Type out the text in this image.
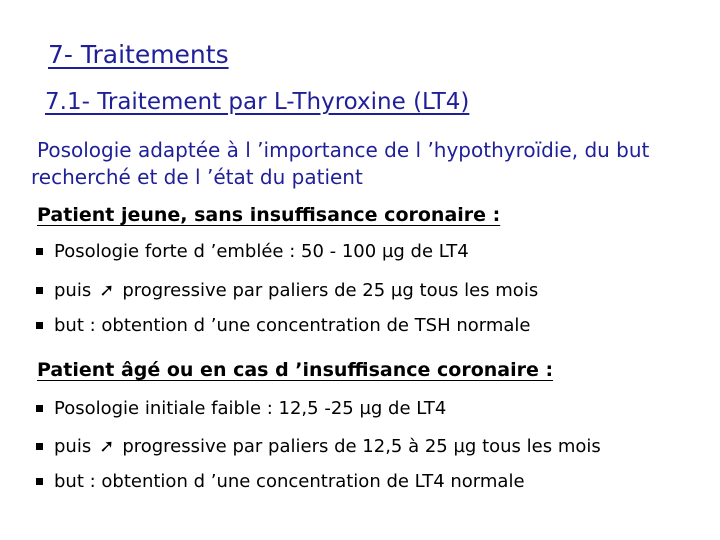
7- Traitements
7.1- Traitement par L-Thyroxine (LT4)
Posologie adaptée à l ’importance de l ’hypothyroïdie, du but recherché et de l ’état du patient
Patient jeune, sans insuffisance coronaire :
Posologie forte d ’emblée : 50 - 100 µg de LT4
puis ➚ progressive par paliers de 25 µg tous les mois
but : obtention d ’une concentration de TSH normale
Patient âgé ou en cas d ’insuffisance coronaire :
Posologie initiale faible : 12,5 -25 µg de LT4
puis ➚ progressive par paliers de 12,5 à 25 µg tous les mois
but : obtention d ’une concentration de LT4 normale
